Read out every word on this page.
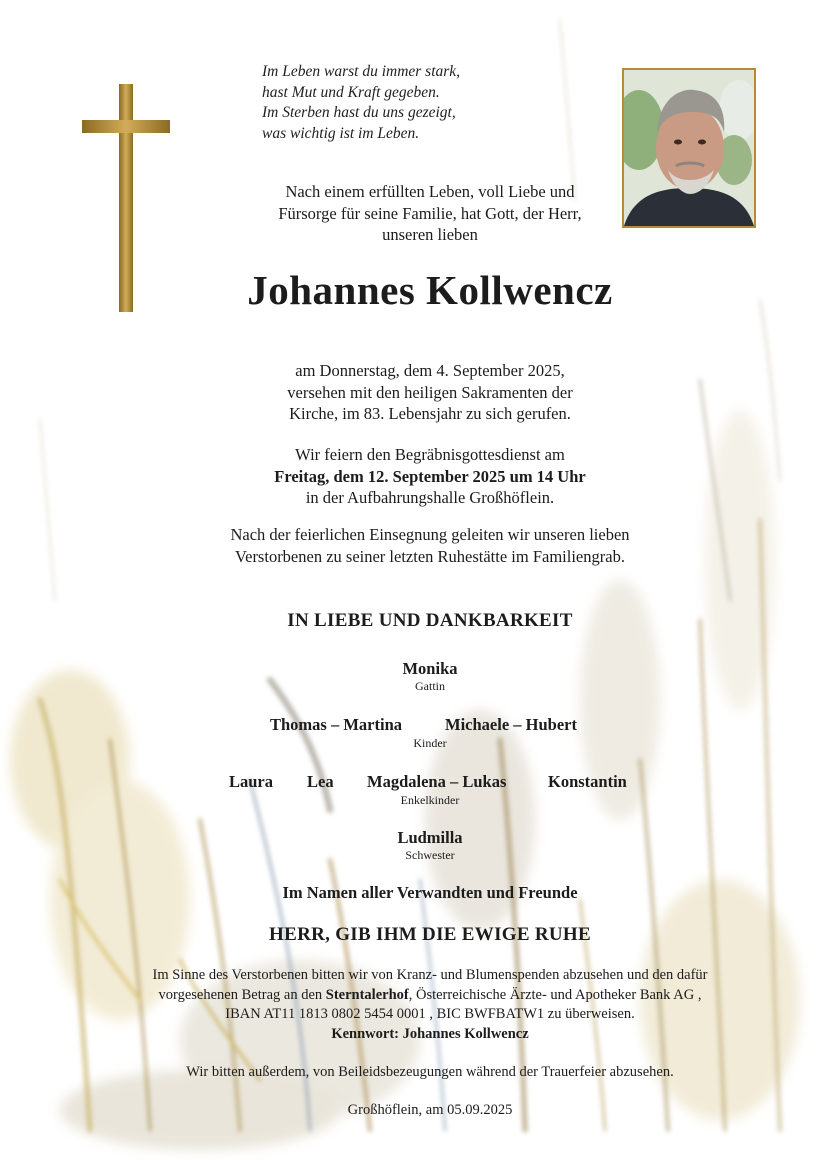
Im Leben warst du immer stark,
hast Mut und Kraft gegeben.
Im Sterben hast du uns gezeigt,
was wichtig ist im Leben.
Nach einem erfüllten Leben, voll Liebe und
Fürsorge für seine Familie, hat Gott, der Herr,
unseren lieben
Johannes Kollwencz
am Donnerstag, dem 4. September 2025,
versehen mit den heiligen Sakramenten der
Kirche, im 83. Lebensjahr zu sich gerufen.
Wir feiern den Begräbnisgottesdienst am
Freitag, dem 12. September 2025 um 14 Uhr
in der Aufbahrungshalle Großhöflein.
Nach der feierlichen Einsegnung geleiten wir unseren lieben
Verstorbenen zu seiner letzten Ruhestätte im Familiengrab.
IN LIEBE UND DANKBARKEIT
Monika
Gattin
Thomas – Martina	Michaele – Hubert
Kinder
Laura Lea Magdalena – Lukas	Konstantin
Enkelkinder
Ludmilla
Schwester
Im Namen aller Verwandten und Freunde
HERR, GIB IHM DIE EWIGE RUHE
Im Sinne des Verstorbenen bitten wir von Kranz- und Blumenspenden abzusehen und den dafür
vorgesehenen Betrag an den Sterntalerhof, Österreichische Ärzte- und Apotheker Bank AG ,
IBAN AT11 1813 0802 5454 0001 , BIC BWFBATW1 zu überweisen.
Kennwort: Johannes Kollwencz
Wir bitten außerdem, von Beileidsbezeugungen während der Trauerfeier abzusehen.
Großhöflein, am 05.09.2025
